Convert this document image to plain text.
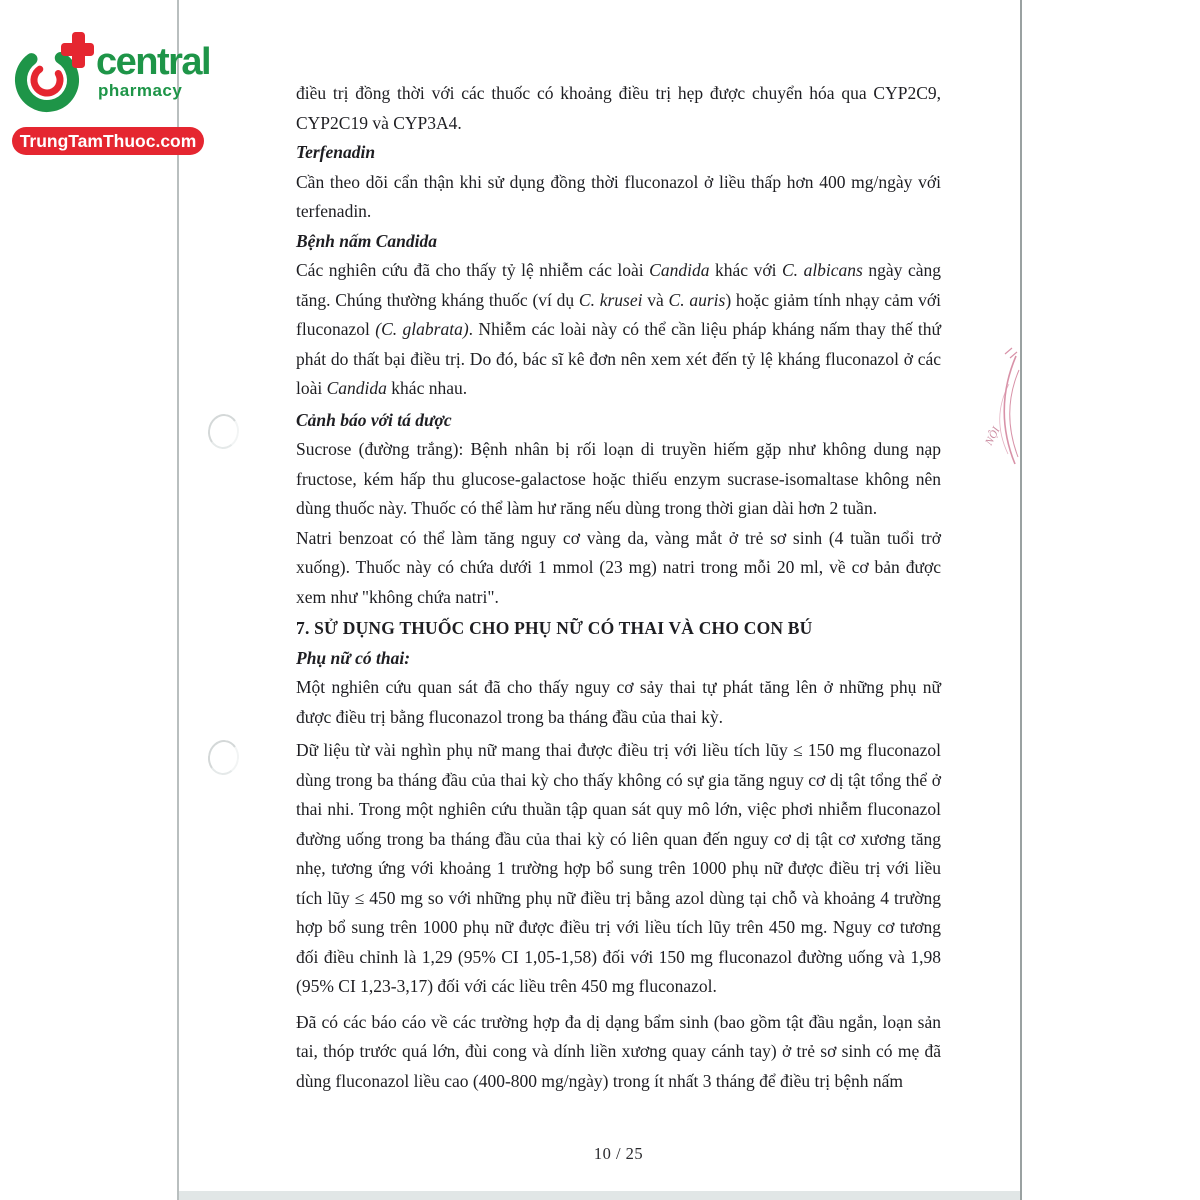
NỘI
central
pharmacy
TrungTamThuoc.com

điều trị đồng thời với các thuốc có khoảng điều trị hẹp được chuyển hóa qua CYP2C9, CYP2C19 và CYP3A4.

Terfenadin

Cần theo dõi cẩn thận khi sử dụng đồng thời fluconazol ở liều thấp hơn 400 mg/ngày với terfenadin.

Bệnh nấm Candida

Các nghiên cứu đã cho thấy tỷ lệ nhiễm các loài Candida khác với C. albicans ngày càng tăng. Chúng thường kháng thuốc (ví dụ C. krusei và C. auris) hoặc giảm tính nhạy cảm với fluconazol (C. glabrata). Nhiễm các loài này có thể cần liệu pháp kháng nấm thay thế thứ phát do thất bại điều trị. Do đó, bác sĩ kê đơn nên xem xét đến tỷ lệ kháng fluconazol ở các loài Candida khác nhau.

Cảnh báo với tá dược

Sucrose (đường trắng): Bệnh nhân bị rối loạn di truyền hiếm gặp như không dung nạp fructose, kém hấp thu glucose-galactose hoặc thiếu enzym sucrase-isomaltase không nên dùng thuốc này. Thuốc có thể làm hư răng nếu dùng trong thời gian dài hơn 2 tuần.

Natri benzoat có thể làm tăng nguy cơ vàng da, vàng mắt ở trẻ sơ sinh (4 tuần tuổi trở xuống). Thuốc này có chứa dưới 1 mmol (23 mg) natri trong mỗi 20 ml, về cơ bản được xem như "không chứa natri".

7. SỬ DỤNG THUỐC CHO PHỤ NỮ CÓ THAI VÀ CHO CON BÚ

Phụ nữ có thai:

Một nghiên cứu quan sát đã cho thấy nguy cơ sảy thai tự phát tăng lên ở những phụ nữ được điều trị bằng fluconazol trong ba tháng đầu của thai kỳ.

Dữ liệu từ vài nghìn phụ nữ mang thai được điều trị với liều tích lũy ≤ 150 mg fluconazol dùng trong ba tháng đầu của thai kỳ cho thấy không có sự gia tăng nguy cơ dị tật tổng thể ở thai nhi. Trong một nghiên cứu thuần tập quan sát quy mô lớn, việc phơi nhiễm fluconazol đường uống trong ba tháng đầu của thai kỳ có liên quan đến nguy cơ dị tật cơ xương tăng nhẹ, tương ứng với khoảng 1 trường hợp bổ sung trên 1000 phụ nữ được điều trị với liều tích lũy ≤ 450 mg so với những phụ nữ điều trị bằng azol dùng tại chỗ và khoảng 4 trường hợp bổ sung trên 1000 phụ nữ được điều trị với liều tích lũy trên 450 mg. Nguy cơ tương đối điều chỉnh là 1,29 (95% CI 1,05-1,58) đối với 150 mg fluconazol đường uống và 1,98 (95% CI 1,23-3,17) đối với các liều trên 450 mg fluconazol.

Đã có các báo cáo về các trường hợp đa dị dạng bẩm sinh (bao gồm tật đầu ngắn, loạn sản tai, thóp trước quá lớn, đùi cong và dính liền xương quay cánh tay) ở trẻ sơ sinh có mẹ đã dùng fluconazol liều cao (400-800 mg/ngày) trong ít nhất 3 tháng để điều trị bệnh nấm

10 / 25
